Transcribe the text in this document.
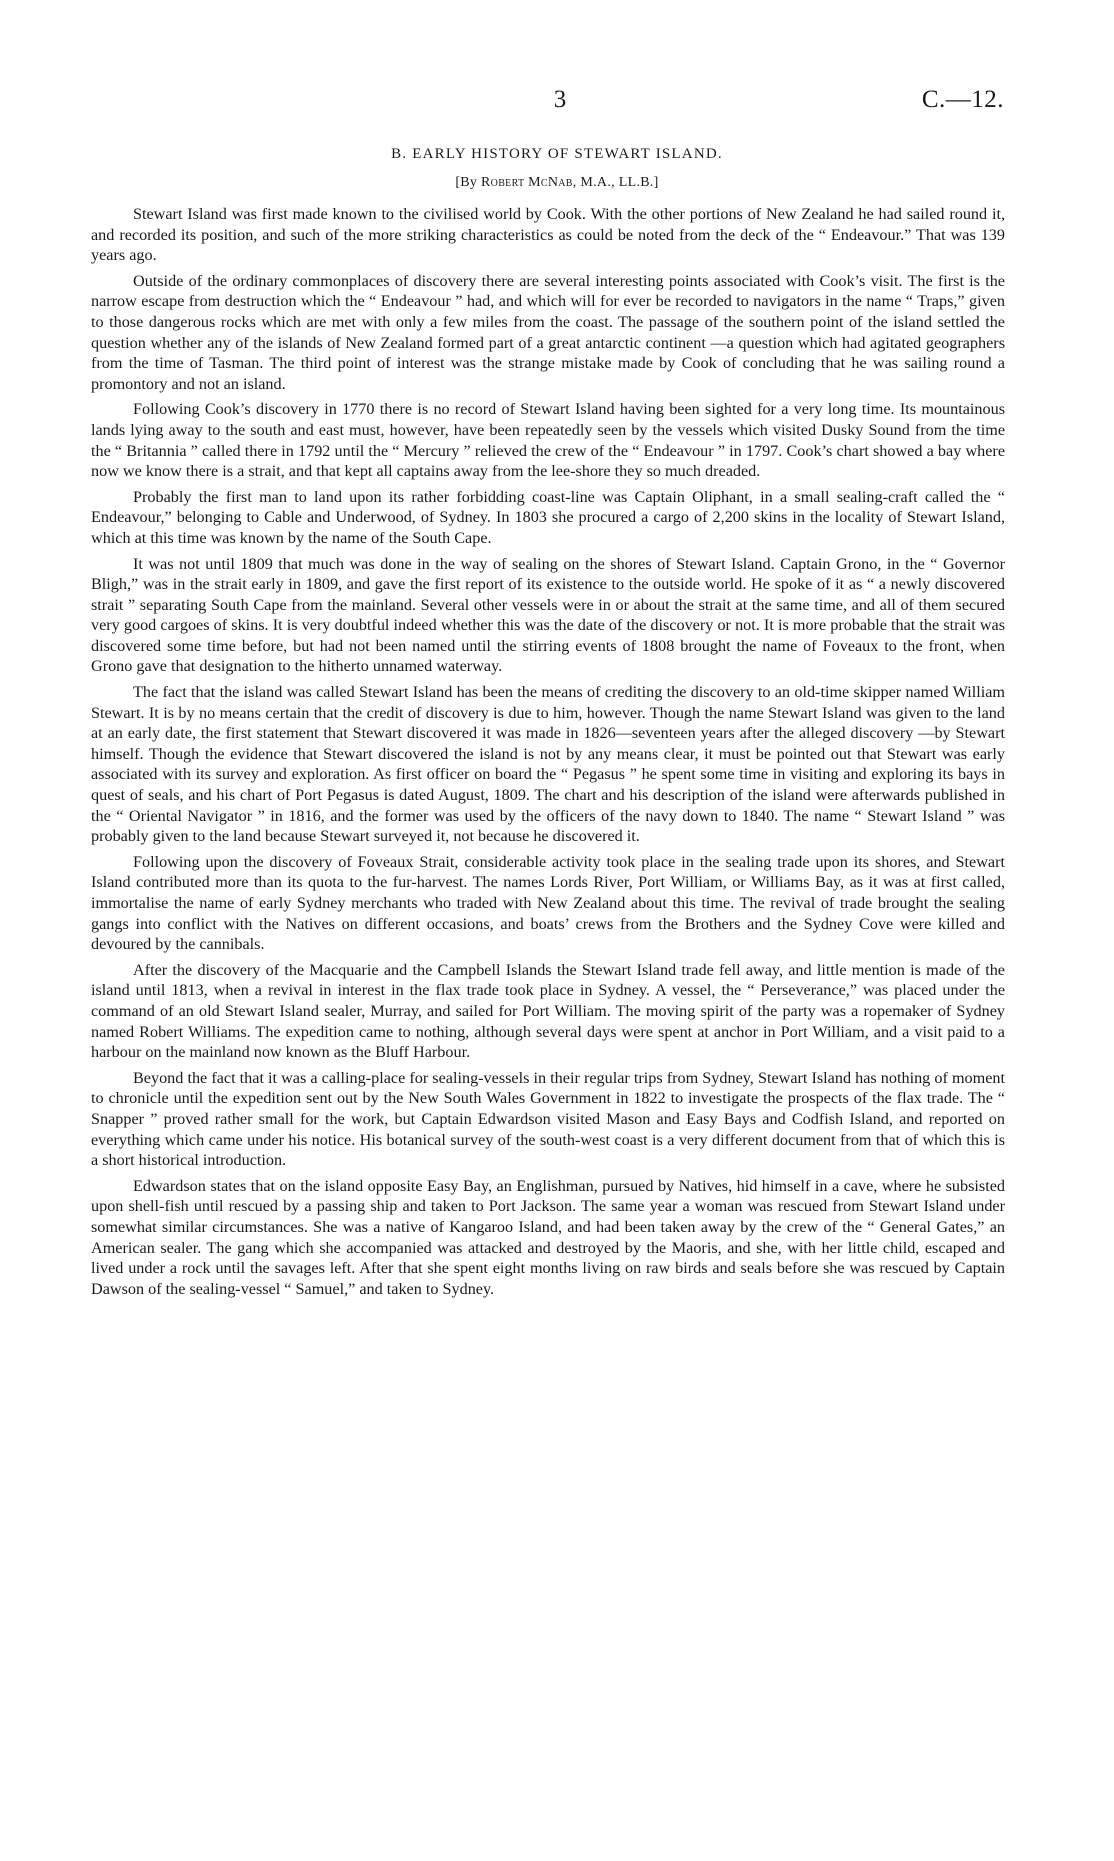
3	C.—12.
B. EARLY HISTORY OF STEWART ISLAND.
[By Robert McNab, M.A., LL.B.]

Stewart Island was first made known to the civilised world by Cook. With the other portions of New Zealand he had sailed round it, and recorded its position, and such of the more striking characteristics as could be noted from the deck of the “ Endeavour.” That was 139 years ago.

Outside of the ordinary commonplaces of discovery there are several interesting points associated with Cook’s visit. The first is the narrow escape from destruction which the “ Endeavour ” had, and which will for ever be recorded to navigators in the name “ Traps,” given to those dangerous rocks which are met with only a few miles from the coast. The passage of the southern point of the island settled the question whether any of the islands of New Zealand formed part of a great antarctic continent —a question which had agitated geographers from the time of Tasman. The third point of interest was the strange mistake made by Cook of concluding that he was sailing round a promontory and not an island.

Following Cook’s discovery in 1770 there is no record of Stewart Island having been sighted for a very long time. Its mountainous lands lying away to the south and east must, however, have been repeatedly seen by the vessels which visited Dusky Sound from the time the “ Britannia ” called there in 1792 until the “ Mercury ” relieved the crew of the “ Endeavour ” in 1797. Cook’s chart showed a bay where now we know there is a strait, and that kept all captains away from the lee-shore they so much dreaded.

Probably the first man to land upon its rather forbidding coast-line was Captain Oliphant, in a small sealing-craft called the “ Endeavour,” belonging to Cable and Underwood, of Sydney. In 1803 she procured a cargo of 2,200 skins in the locality of Stewart Island, which at this time was known by the name of the South Cape.

It was not until 1809 that much was done in the way of sealing on the shores of Stewart Island. Captain Grono, in the “ Governor Bligh,” was in the strait early in 1809, and gave the first report of its existence to the outside world. He spoke of it as “ a newly discovered strait ” separating South Cape from the mainland. Several other vessels were in or about the strait at the same time, and all of them secured very good cargoes of skins. It is very doubtful indeed whether this was the date of the discovery or not. It is more probable that the strait was discovered some time before, but had not been named until the stirring events of 1808 brought the name of Foveaux to the front, when Grono gave that designation to the hitherto unnamed waterway.

The fact that the island was called Stewart Island has been the means of crediting the discovery to an old-time skipper named William Stewart. It is by no means certain that the credit of discovery is due to him, however. Though the name Stewart Island was given to the land at an early date, the first statement that Stewart discovered it was made in 1826—seventeen years after the alleged discovery —by Stewart himself. Though the evidence that Stewart discovered the island is not by any means clear, it must be pointed out that Stewart was early associated with its survey and exploration. As first officer on board the “ Pegasus ” he spent some time in visiting and exploring its bays in quest of seals, and his chart of Port Pegasus is dated August, 1809. The chart and his description of the island were afterwards published in the “ Oriental Navigator ” in 1816, and the former was used by the officers of the navy down to 1840. The name “ Stewart Island ” was probably given to the land because Stewart surveyed it, not because he discovered it.

Following upon the discovery of Foveaux Strait, considerable activity took place in the sealing trade upon its shores, and Stewart Island contributed more than its quota to the fur-harvest. The names Lords River, Port William, or Williams Bay, as it was at first called, immortalise the name of early Sydney merchants who traded with New Zealand about this time. The revival of trade brought the sealing gangs into conflict with the Natives on different occasions, and boats’ crews from the Brothers and the Sydney Cove were killed and devoured by the cannibals.

After the discovery of the Macquarie and the Campbell Islands the Stewart Island trade fell away, and little mention is made of the island until 1813, when a revival in interest in the flax trade took place in Sydney. A vessel, the “ Perseverance,” was placed under the command of an old Stewart Island sealer, Murray, and sailed for Port William. The moving spirit of the party was a ropemaker of Sydney named Robert Williams. The expedition came to nothing, although several days were spent at anchor in Port William, and a visit paid to a harbour on the mainland now known as the Bluff Harbour.

Beyond the fact that it was a calling-place for sealing-vessels in their regular trips from Sydney, Stewart Island has nothing of moment to chronicle until the expedition sent out by the New South Wales Government in 1822 to investigate the prospects of the flax trade. The “ Snapper ” proved rather small for the work, but Captain Edwardson visited Mason and Easy Bays and Codfish Island, and reported on everything which came under his notice. His botanical survey of the south-west coast is a very different document from that of which this is a short historical introduction.

Edwardson states that on the island opposite Easy Bay, an Englishman, pursued by Natives, hid himself in a cave, where he subsisted upon shell-fish until rescued by a passing ship and taken to Port Jackson. The same year a woman was rescued from Stewart Island under somewhat similar circumstances. She was a native of Kangaroo Island, and had been taken away by the crew of the “ General Gates,” an American sealer. The gang which she accompanied was attacked and destroyed by the Maoris, and she, with her little child, escaped and lived under a rock until the savages left. After that she spent eight months living on raw birds and seals before she was rescued by Captain Dawson of the sealing-vessel “ Samuel,” and taken to Sydney.
